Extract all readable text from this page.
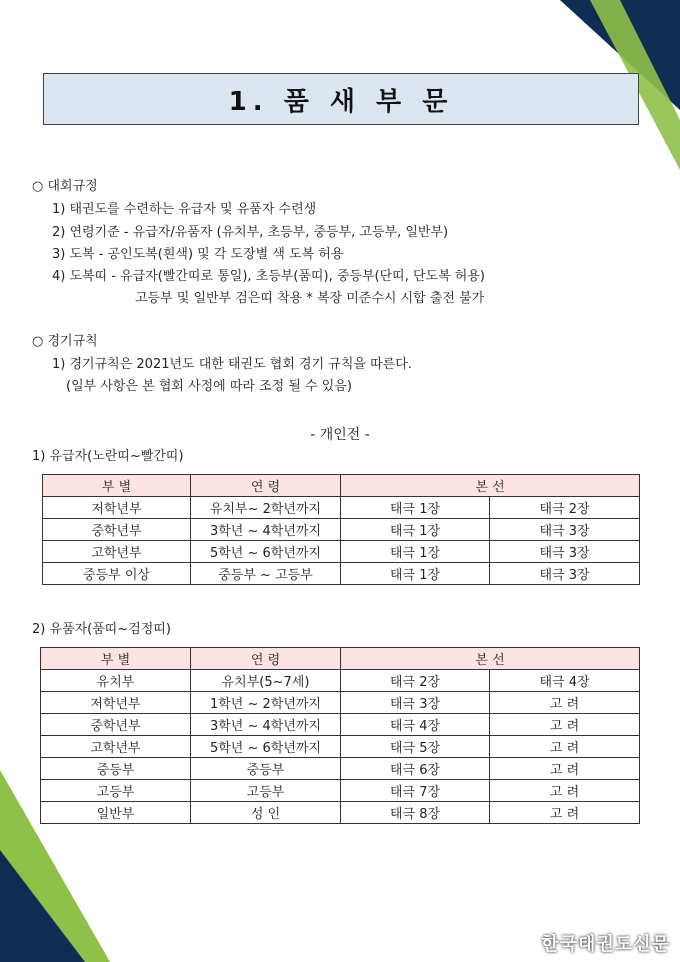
1. 품 새 부 문
○ 대회규정
1) 태권도를 수련하는 유급자 및 유품자 수련생
2) 연령기준 - 유급자/유품자 (유치부, 초등부, 중등부, 고등부, 일반부)
3) 도복 - 공인도복(흰색) 및 각 도장별 색 도복 허용
4) 도복띠 - 유급자(빨간띠로 통일), 초등부(품띠), 중등부(단띠, 단도복 허용)
고등부 및 일반부 검은띠 착용 * 복장 미준수시 시합 출전 불가
○ 경기규칙
1) 경기규칙은 2021년도 대한 태권도 협회 경기 규칙을 따른다.
(일부 사항은 본 협회 사정에 따라 조정 될 수 있음)
- 개인전 -
1) 유급자(노란띠~빨간띠)
부 별	연 령	본 선	
저학년부	유치부~ 2학년까지	태극 1장	태극 2장
중학년부	3학년 ~ 4학년까지	태극 1장	태극 3장
고학년부	5학년 ~ 6학년까지	태극 1장	태극 3장
중등부 이상	중등부 ~ 고등부	태극 1장	태극 3장
2) 유품자(품띠~검정띠)
부 별	연 령	본 선	
유치부	유치부(5~7세)	태극 2장	태극 4장
저학년부	1학년 ~ 2학년까지	태극 3장	고 려
중학년부	3학년 ~ 4학년까지	태극 4장	고 려
고학년부	5학년 ~ 6학년까지	태극 5장	고 려
중등부	중등부	태극 6장	고 려
고등부	고등부	태극 7장	고 려
일반부	성 인	태극 8장	고 려
한국태권도신문
